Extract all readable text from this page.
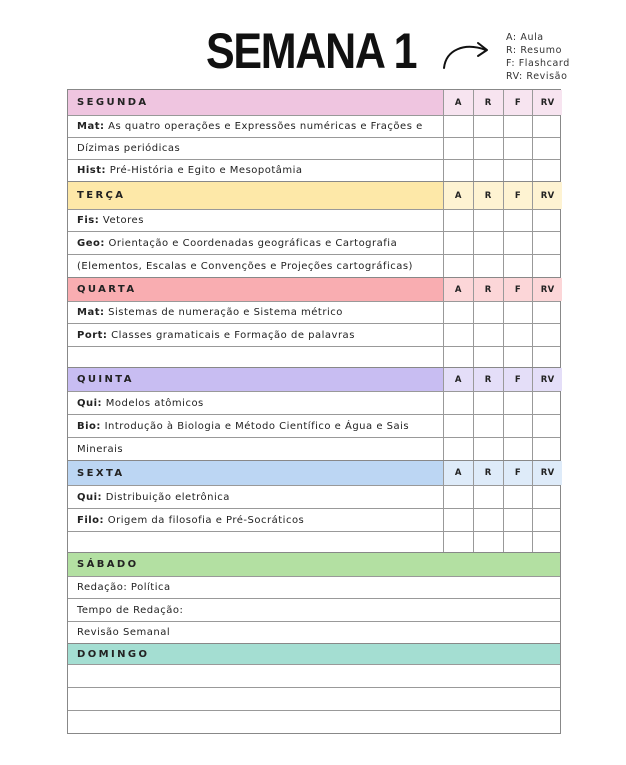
SEMANA 1	A: Aula
R: Resumo
F: Flashcard
RV: Revisão
SEGUNDA	A	R	F	RV
Mat: As quatro operações e Expressões numéricas e Frações e
Dízimas periódicas
Hist: Pré-História e Egito e Mesopotâmia
TERÇA	A	R	F	RV
Fis: Vetores
Geo: Orientação e Coordenadas geográficas e Cartografia
(Elementos, Escalas e Convenções e Projeções cartográficas)
QUARTA	A	R	F	RV
Mat: Sistemas de numeração e Sistema métrico
Port: Classes gramaticais e Formação de palavras
QUINTA	A	R	F	RV
Qui: Modelos atômicos
Bio: Introdução à Biologia e Método Científico e Água e Sais
Minerais
SEXTA	A	R	F	RV
Qui: Distribuição eletrônica
Filo: Origem da filosofia e Pré-Socráticos
SÁBADO
Redação: Política
Tempo de Redação:
Revisão Semanal
DOMINGO
